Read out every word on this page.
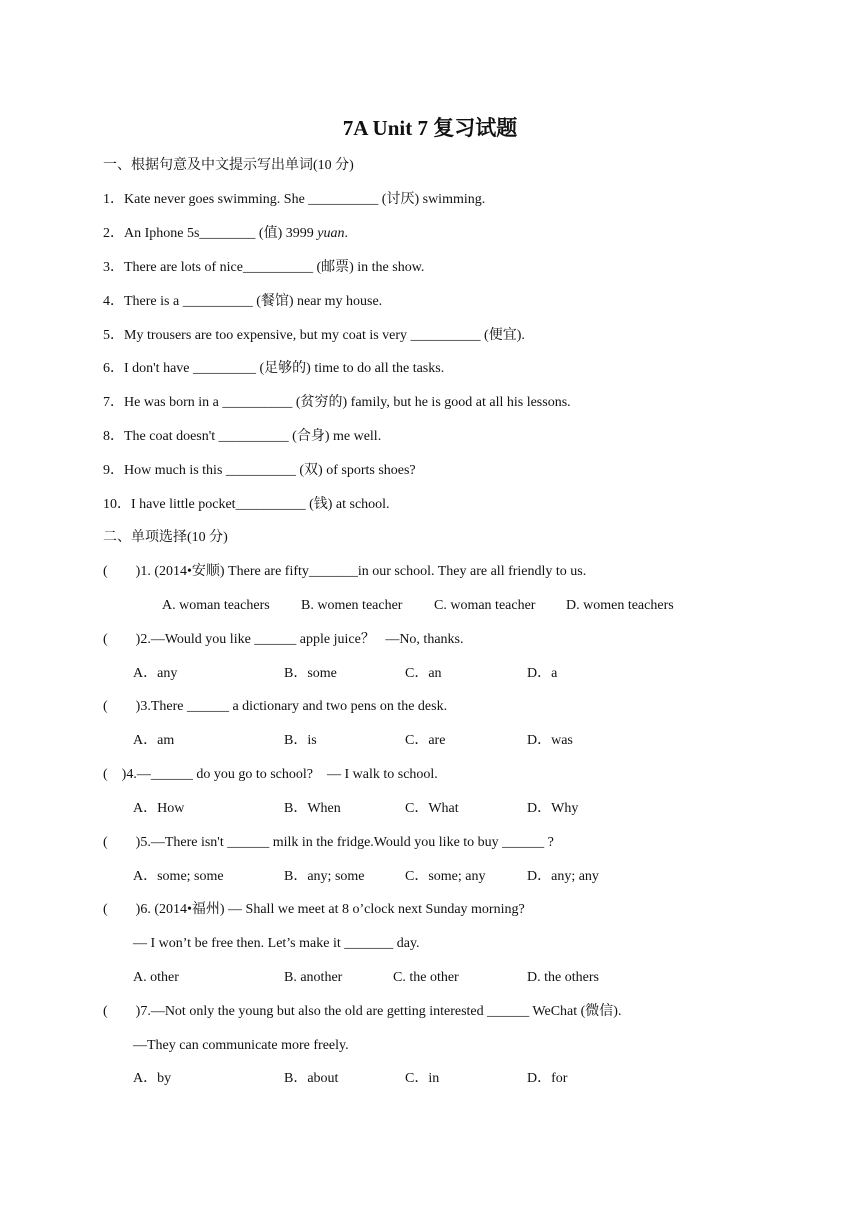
7A Unit 7 复习试题
一、根据句意及中文提示写出单词(10 分)
1．Kate never goes swimming. She __________ (讨厌) swimming.
2．An Iphone 5s________ (值) 3999 yuan.
3．There are lots of nice__________ (邮票) in the show.
4．There is a __________ (餐馆) near my house.
5．My trousers are too expensive, but my coat is very __________ (便宜).
6．I don't have _________ (足够的) time to do all the tasks.
7．He was born in a __________ (贫穷的) family, but he is good at all his lessons.
8．The coat doesn't __________ (合身) me well.
9．How much is this __________ (双) of sports shoes?
10．I have little pocket__________ (钱) at school.
二、单项选择(10 分)
(        )1. (2014•安顺) There are fifty_______in our school. They are all friendly to us.
A. woman teachers B. women teacher C. woman teacher D. women teachers
(        )2.—Would you like ______ apple juice？   —No, thanks.
A．any	B．some	C．an	D．a
(        )3.There ______ a dictionary and two pens on the desk.
A．am	B．is	C．are	D．was
(    )4.—______ do you go to school?    — I walk to school.
A．How	B．When	C．What	D．Why
(        )5.—There isn't ______ milk in the fridge.Would you like to buy ______ ?
A．some; some	B．any; some	C．some; any	D．any; any
(        )6. (2014•福州) — Shall we meet at 8 o’clock next Sunday morning?
— I won’t be free then. Let’s make it _______ day.
A. other	B. another	C. the other	D. the others
(        )7.—Not only the young but also the old are getting interested ______ WeChat (微信).
—They can communicate more freely.
A．by	B．about	C．in	D．for
